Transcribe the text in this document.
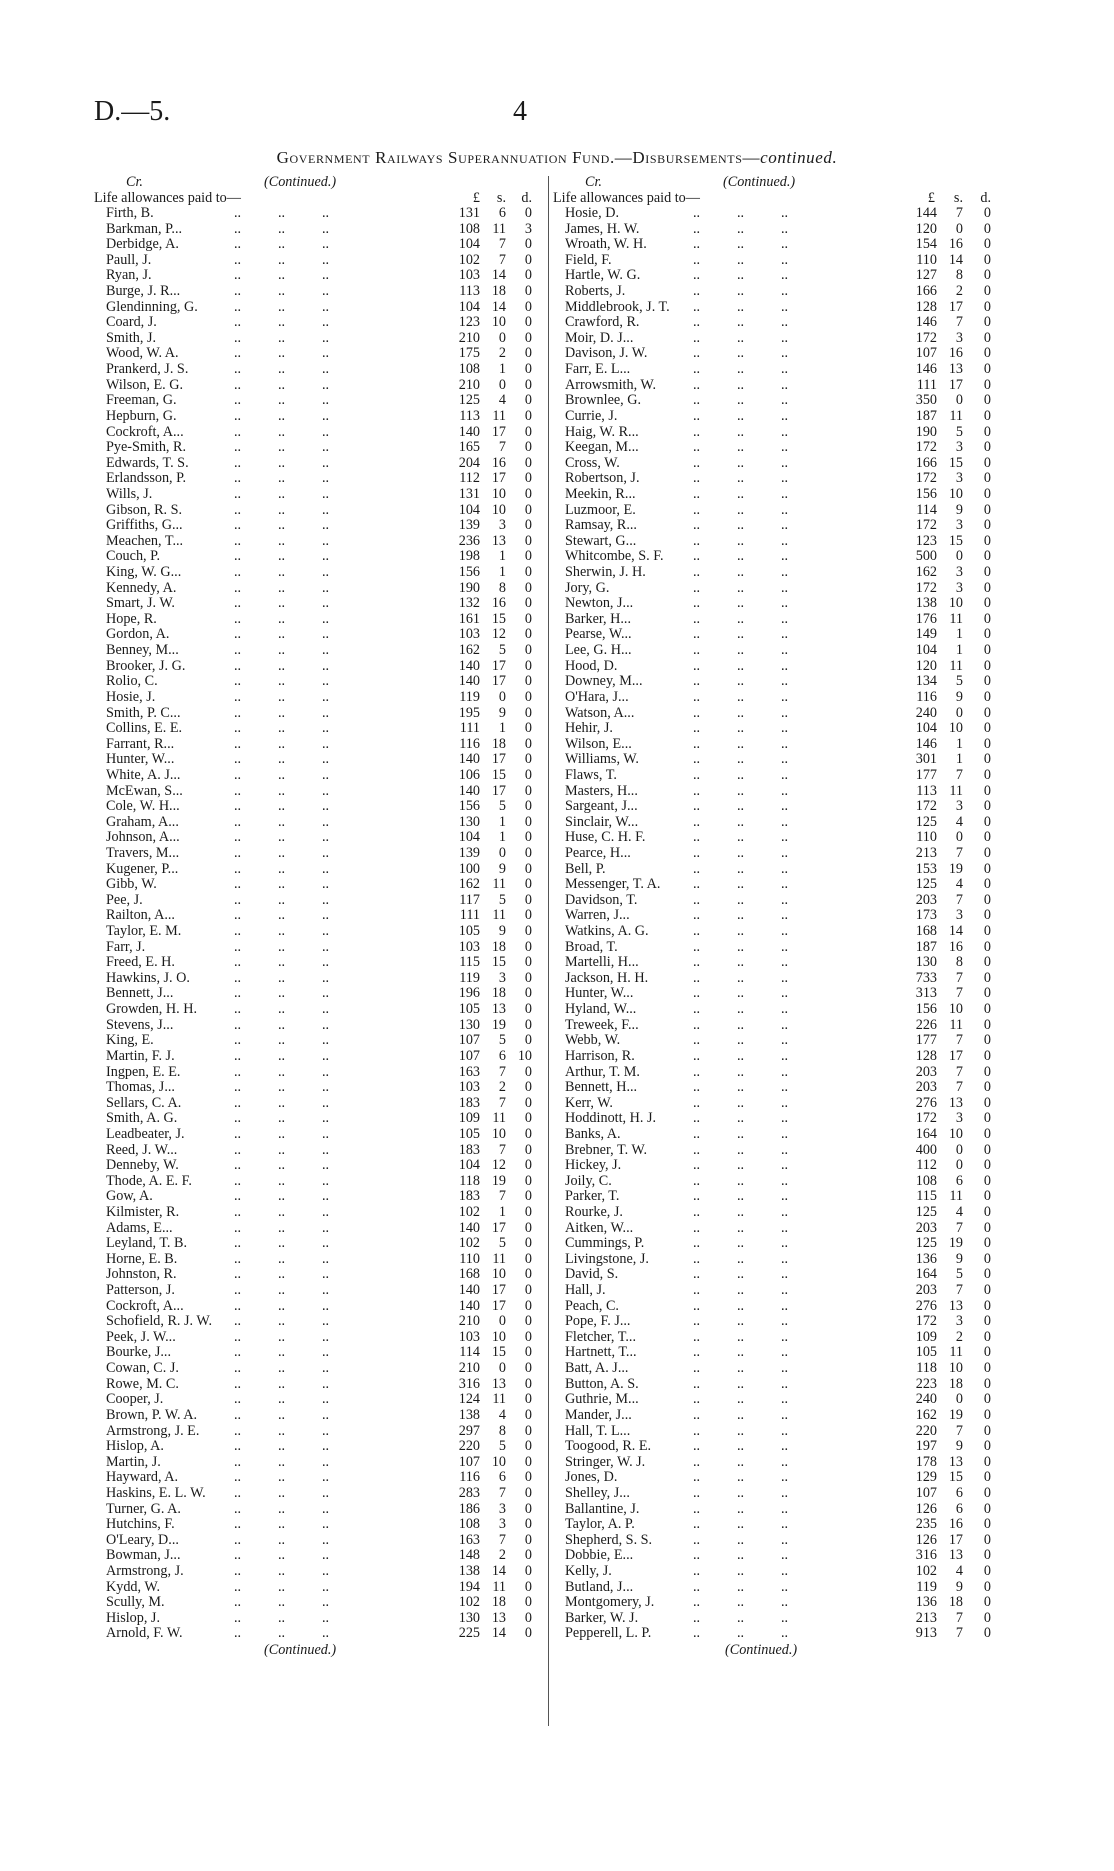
D.—5.	4
Government Railways Superannuation Fund.—Disbursements—continued.
Cr.	(Continued.)
Life allowances paid to—	£	s.	d.
Firth, B.	..	..	..	131	6	0
Barkman, P...	..	..	..	108 11	3
Derbidge, A.	..	..	..	104	7	0
Paull, J.	..	..	..	102	7	0
Ryan, J.	..	..	..	103 14	0
Burge, J. R...	..	..	..	113 18	0
Glendinning, G.	..	..	..	104 14	0
Coard, J.	..	..	..	123 10	0
Smith, J.	..	..	..	210	0	0
Wood, W. A.	..	..	..	175	2	0
Prankerd, J. S.	..	..	..	108	1	0
Wilson, E. G.	..	..	..	210	0	0
Freeman, G.	..	..	..	125	4	0
Hepburn, G.	..	..	..	113 11	0
Cockroft, A...	..	..	..	140 17	0
Pye-Smith, R.	..	..	..	165	7	0
Edwards, T. S.	..	..	..	204 16	0
Erlandsson, P.	..	..	..	112 17	0
Wills, J.	..	..	..	131 10	0
Gibson, R. S.	..	..	..	104 10	0
Griffiths, G...	..	..	..	139	3	0
Meachen, T...	..	..	..	236 13	0
Couch, P.	..	..	..	198	1	0
King, W. G...	..	..	..	156	1	0
Kennedy, A.	..	..	..	190	8	0
Smart, J. W.	..	..	..	132 16	0
Hope, R.	..	..	..	161 15	0
Gordon, A.	..	..	..	103 12	0
Benney, M...	..	..	..	162	5	0
Brooker, J. G.	..	..	..	140 17	0
Rolio, C.	..	..	..	140 17	0
Hosie, J.	..	..	..	119	0	0
Smith, P. C...	..	..	..	195	9	0
Collins, E. E.	..	..	..	111	1	0
Farrant, R...	..	..	..	116 18	0
Hunter, W...	..	..	..	140 17	0
White, A. J...	..	..	..	106 15	0
McEwan, S...	..	..	..	140 17	0
Cole, W. H...	..	..	..	156	5	0
Graham, A...	..	..	..	130	1	0
Johnson, A...	..	..	..	104	1	0
Travers, M...	..	..	..	139	0	0
Kugener, P...	..	..	..	100	9	0
Gibb, W.	..	..	..	162 11	0
Pee, J.	..	..	..	117	5	0
Railton, A...	..	..	..	111 11	0
Taylor, E. M.	..	..	..	105	9	0
Farr, J.	..	..	..	103 18	0
Freed, E. H.	..	..	..	115 15	0
Hawkins, J. O.	..	..	..	119	3	0
Bennett, J...	..	..	..	196 18	0
Growden, H. H.	..	..	..	105 13	0
Stevens, J...	..	..	..	130 19	0
King, E.	..	..	..	107	5	0
Martin, F. J.	..	..	..	107	6 10
Ingpen, E. E.	..	..	..	163	7	0
Thomas, J...	..	..	..	103	2	0
Sellars, C. A.	..	..	..	183	7	0
Smith, A. G.	..	..	..	109 11	0
Leadbeater, J.	..	..	..	105 10	0
Reed, J. W...	..	..	..	183	7	0
Denneby, W.	..	..	..	104 12	0
Thode, A. E. F.	..	..	..	118 19	0
Gow, A.	..	..	..	183	7	0
Kilmister, R.	..	..	..	102	1	0
Adams, E...	..	..	..	140 17	0
Leyland, T. B.	..	..	..	102	5	0
Horne, E. B.	..	..	..	110 11	0
Johnston, R.	..	..	..	168 10	0
Patterson, J.	..	..	..	140 17	0
Cockroft, A...	..	..	..	140 17	0
Schofield, R. J. W. ..	..	..	210	0	0
Peek, J. W...	..	..	..	103 10	0
Bourke, J...	..	..	..	114 15	0
Cowan, C. J.	..	..	..	210	0	0
Rowe, M. C.	..	..	..	316 13	0
Cooper, J.	..	..	..	124 11	0
Brown, P. W. A.	..	..	..	138	4	0
Armstrong, J. E. ..	..	..	297	8	0
Hislop, A.	..	..	..	220	5	0
Martin, J.	..	..	..	107 10	0
Hayward, A.	..	..	..	116	6	0
Haskins, E. L. W. ..	..	..	283	7	0
Turner, G. A.	..	..	..	186	3	0
Hutchins, F.	..	..	..	108	3	0
O'Leary, D...	..	..	..	163	7	0
Bowman, J...	..	..	..	148	2	0
Armstrong, J.	..	..	..	138 14	0
Kydd, W.	..	..	..	194 11	0
Scully, M.	..	..	..	102 18	0
Hislop, J.	..	..	..	130 13	0
Arnold, F. W.	..	..	..	225 14	0
(Continued.)
Cr.	(Continued.)
Life allowances paid to—	£	s.	d.
Hosie, D.	..	..	..	144	7	0
James, H. W.	..	..	..	120	0	0
Wroath, W. H.	..	..	..	154 16	0
Field, F.	..	..	..	110 14	0
Hartle, W. G.	..	..	..	127	8	0
Roberts, J.	..	..	..	166	2	0
Middlebrook, J. T. ..	..	..	128 17	0
Crawford, R.	..	..	..	146	7	0
Moir, D. J...	..	..	..	172	3	0
Davison, J. W.	..	..	..	107 16	0
Farr, E. L...	..	..	..	146 13	0
Arrowsmith, W.	..	..	..	111 17	0
Brownlee, G.	..	..	..	350	0	0
Currie, J.	..	..	..	187 11	0
Haig, W. R...	..	..	..	190	5	0
Keegan, M...	..	..	..	172	3	0
Cross, W.	..	..	..	166 15	0
Robertson, J.	..	..	..	172	3	0
Meekin, R...	..	..	..	156 10	0
Luzmoor, E.	..	..	..	114	9	0
Ramsay, R...	..	..	..	172	3	0
Stewart, G...	..	..	..	123 15	0
Whitcombe, S. F. ..	..	..	500	0	0
Sherwin, J. H.	..	..	..	162	3	0
Jory, G.	..	..	..	172	3	0
Newton, J...	..	..	..	138 10	0
Barker, H...	..	..	..	176 11	0
Pearse, W...	..	..	..	149	1	0
Lee, G. H...	..	..	..	104	1	0
Hood, D.	..	..	..	120 11	0
Downey, M...	..	..	..	134	5	0
O'Hara, J...	..	..	..	116	9	0
Watson, A...	..	..	..	240	0	0
Hehir, J.	..	..	..	104 10	0
Wilson, E...	..	..	..	146	1	0
Williams, W.	..	..	..	301	1	0
Flaws, T.	..	..	..	177	7	0
Masters, H...	..	..	..	113 11	0
Sargeant, J...	..	..	..	172	3	0
Sinclair, W...	..	..	..	125	4	0
Huse, C. H. F.	..	..	..	110	0	0
Pearce, H...	..	..	..	213	7	0
Bell, P.	..	..	..	153 19	0
Messenger, T. A. ..	..	..	125	4	0
Davidson, T.	..	..	..	203	7	0
Warren, J...	..	..	..	173	3	0
Watkins, A. G.	..	..	..	168 14	0
Broad, T.	..	..	..	187 16	0
Martelli, H...	..	..	..	130	8	0
Jackson, H. H.	..	..	..	733	7	0
Hunter, W...	..	..	..	313	7	0
Hyland, W...	..	..	..	156 10	0
Treweek, F...	..	..	..	226 11	0
Webb, W.	..	..	..	177	7	0
Harrison, R.	..	..	..	128 17	0
Arthur, T. M.	..	..	..	203	7	0
Bennett, H...	..	..	..	203	7	0
Kerr, W.	..	..	..	276 13	0
Hoddinott, H. J.	..	..	..	172	3	0
Banks, A.	..	..	..	164 10	0
Brebner, T. W.	..	..	..	400	0	0
Hickey, J.	..	..	..	112	0	0
Joily, C.	..	..	..	108	6	0
Parker, T.	..	..	..	115 11	0
Rourke, J.	..	..	..	125	4	0
Aitken, W...	..	..	..	203	7	0
Cummings, P.	..	..	..	125 19	0
Livingstone, J.	..	..	..	136	9	0
David, S.	..	..	..	164	5	0
Hall, J.	..	..	..	203	7	0
Peach, C.	..	..	..	276 13	0
Pope, F. J...	..	..	..	172	3	0
Fletcher, T...	..	..	..	109	2	0
Hartnett, T...	..	..	..	105 11	0
Batt, A. J...	..	..	..	118 10	0
Button, A. S.	..	..	..	223 18	0
Guthrie, M...	..	..	..	240	0	0
Mander, J...	..	..	..	162 19	0
Hall, T. L...	..	..	..	220	7	0
Toogood, R. E.	..	..	..	197	9	0
Stringer, W. J.	..	..	..	178 13	0
Jones, D.	..	..	..	129 15	0
Shelley, J...	..	..	..	107	6	0
Ballantine, J.	..	..	..	126	6	0
Taylor, A. P.	..	..	..	235 16	0
Shepherd, S. S.	..	..	..	126 17	0
Dobbie, E...	..	..	..	316 13	0
Kelly, J.	..	..	..	102	4	0
Butland, J...	..	..	..	119	9	0
Montgomery, J.	..	..	..	136 18	0
Barker, W. J.	..	..	..	213	7	0
Pepperell, L. P.	..	..	..	913	7	0
(Continued.)
